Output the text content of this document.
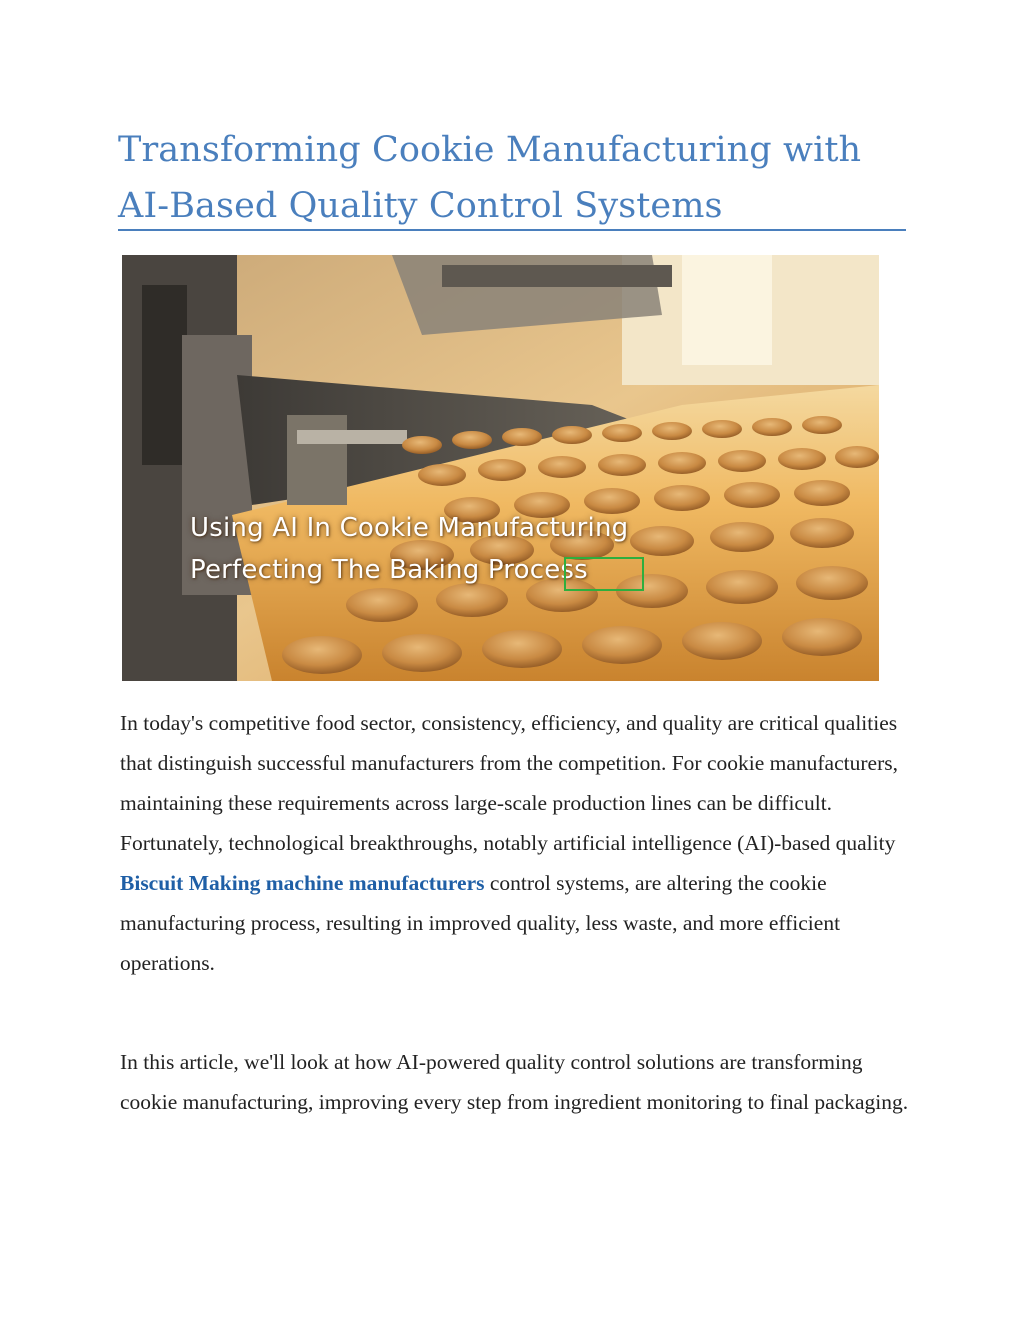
Transforming Cookie Manufacturing with
AI-Based Quality Control Systems
Using AI In Cookie Manufacturing
Perfecting The Baking Process

In today's competitive food sector, consistency, efficiency, and quality are critical qualities that distinguish successful manufacturers from the competition. For cookie manufacturers, maintaining these requirements across large-scale production lines can be difficult. Fortunately, technological breakthroughs, notably artificial intelligence (AI)-based quality Biscuit Making machine manufacturers control systems, are altering the cookie manufacturing process, resulting in improved quality, less waste, and more efficient operations.

In this article, we'll look at how AI-powered quality control solutions are transforming cookie manufacturing, improving every step from ingredient monitoring to final packaging.
